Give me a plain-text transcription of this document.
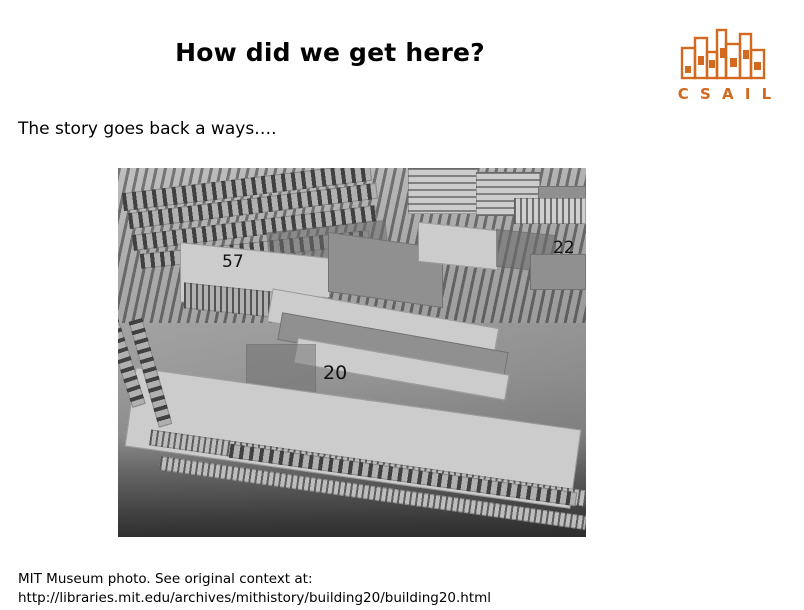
How did we get here?
C S A I L
The story goes back a ways….
57
22
20
MIT Museum photo. See original context at:
http://libraries.mit.edu/archives/mithistory/building20/building20.html
